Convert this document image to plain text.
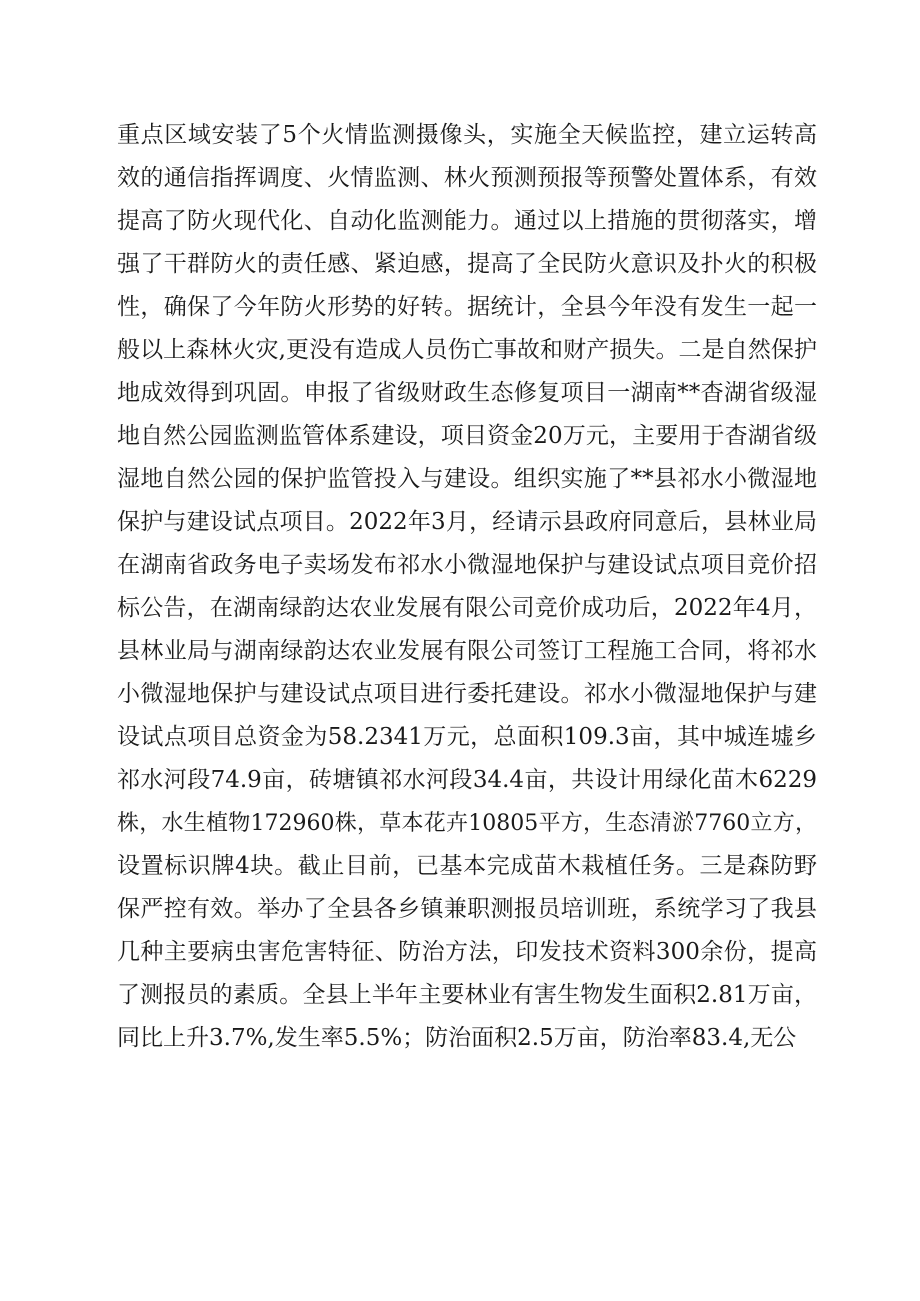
重点区域安装了5个火情监测摄像头，实施全天候监控，建立运转高
效的通信指挥调度、火情监测、林火预测预报等预警处置体系，有效
提高了防火现代化、自动化监测能力。通过以上措施的贯彻落实，增
强了干群防火的责任感、紧迫感，提高了全民防火意识及扑火的积极
性，确保了今年防火形势的好转。据统计，全县今年没有发生一起一
般以上森林火灾,更没有造成人员伤亡事故和财产损失。二是自然保护
地成效得到巩固。申报了省级财政生态修复项目一湖南**杳湖省级湿
地自然公园监测监管体系建设，项目资金20万元，主要用于杳湖省级
湿地自然公园的保护监管投入与建设。组织实施了**县祁水小微湿地
保护与建设试点项目。2022年3月，经请示县政府同意后，县林业局
在湖南省政务电子卖场发布祁水小微湿地保护与建设试点项目竞价招
标公告，在湖南绿韵达农业发展有限公司竞价成功后，2022年4月，
县林业局与湖南绿韵达农业发展有限公司签订工程施工合同，将祁水
小微湿地保护与建设试点项目进行委托建设。祁水小微湿地保护与建
设试点项目总资金为58.2341万元，总面积109.3亩，其中城连墟乡
祁水河段74.9亩，砖塘镇祁水河段34.4亩，共设计用绿化苗木6229
株，水生植物172960株，草本花卉10805平方，生态清淤7760立方，
设置标识牌4块。截止目前，已基本完成苗木栽植任务。三是森防野
保严控有效。举办了全县各乡镇兼职测报员培训班，系统学习了我县
几种主要病虫害危害特征、防治方法，印发技术资料300余份，提高
了测报员的素质。全县上半年主要林业有害生物发生面积2.81万亩，
同比上升3.7%,发生率5.5%；防治面积2.5万亩，防治率83.4,无公
